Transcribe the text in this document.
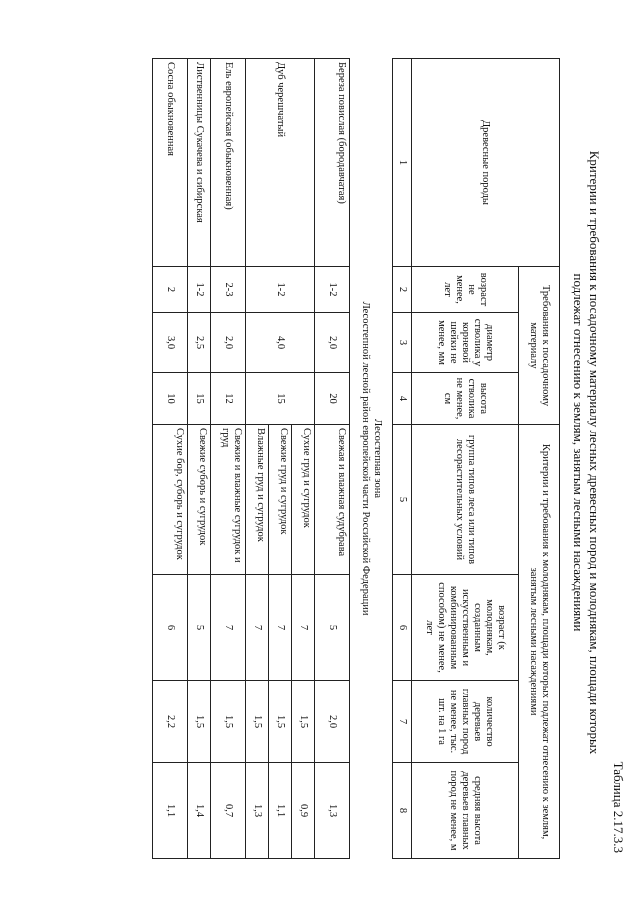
Таблица 2.17.3.3
Критерии и требования к посадочному материалу лесных древесных пород и молоднякам, площади которых
подлежат отнесению к землям, занятым лесными насаждениями
Древесные породы	Требования к посадочному материалу			Критерии и требования к молоднякам, площади которых подлежат отнесению к землям, занятым лесными насаждениями			
	возраст не менее, лет	диаметр стволика у корневой шейки не менее, мм	высота стволика не менее, см	группа типов леса или типов лесорастительных условий	возраст (к молоднякам, созданным искусственным и комбинированным способом) не менее, лет	количество деревьев главных пород не менее, тыс. шт. на 1 га	средняя высота деревьев главных пород не менее, м
1	2	3	4	5	6	7	8

Лесостепная зона
Лесостепной лесной район европейской части Российской Федерации							

Береза повислая (бородавчатая)	1-2	2,0	20	Свежая и влажная судубрава	5	2,0	1,3
Дуб черешчатый	1-2	4,0	15	Сухие груд и сугрудок	7	1,5	0,9
				Свежие груд и сугрудок	7	1,5	1,1
				Влажные груд и сугрудок	7	1,5	1,3
Ель европейская (обыкновенная)	2-3	2,0	12	Свежие и влажные сугрудок и груд	7	1,5	0,7
Лиственницы Сукачева и сибирская	1-2	2,5	15	Свежие суборь и сугрудок	5	1,5	1,4
Сосна обыкновенная	2	3,0	10	Сухие бор, суборь и сугрудок	6	2,2	1,1
